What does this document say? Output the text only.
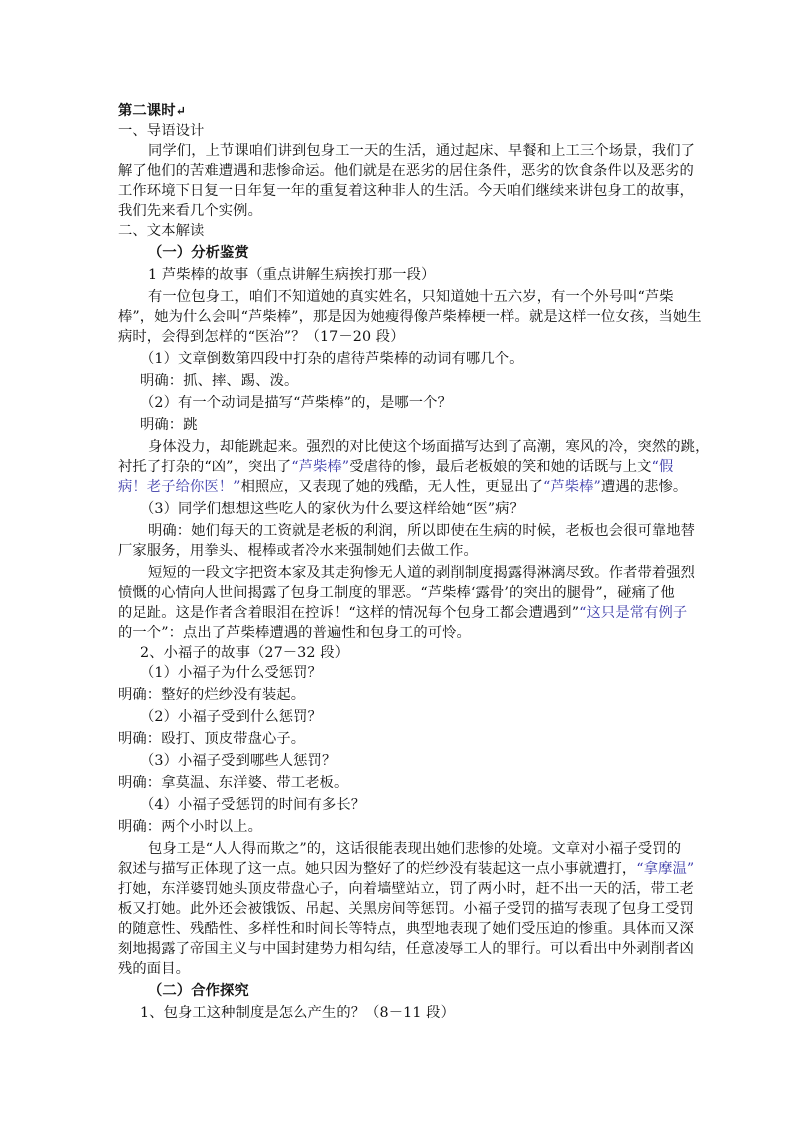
第二课时↵
一、导语设计
同学们，上节课咱们讲到包身工一天的生活，通过起床、早餐和上工三个场景，我们了
解了他们的苦难遭遇和悲惨命运。他们就是在恶劣的居住条件，恶劣的饮食条件以及恶劣的
工作环境下日复一日年复一年的重复着这种非人的生活。今天咱们继续来讲包身工的故事，
我们先来看几个实例。
二、文本解读
（一）分析鉴赏
1 芦柴棒的故事（重点讲解生病挨打那一段）
有一位包身工，咱们不知道她的真实姓名，只知道她十五六岁，有一个外号叫“芦柴
棒”，她为什么会叫“芦柴棒”，那是因为她瘦得像芦柴棒梗一样。就是这样一位女孩，当她生
病时，会得到怎样的“医治”？（17－20 段）
（1）文章倒数第四段中打杂的虐待芦柴棒的动词有哪几个。
明确：抓、摔、踢、泼。
（2）有一个动词是描写“芦柴棒”的，是哪一个？
明确：跳
身体没力，却能跳起来。强烈的对比使这个场面描写达到了高潮，寒风的冷，突然的跳，
衬托了打杂的“凶”，突出了“芦柴棒”受虐待的惨，最后老板娘的笑和她的话既与上文“假
病！老子给你医！”相照应，又表现了她的残酷，无人性，更显出了“芦柴棒”遭遇的悲惨。
（3）同学们想想这些吃人的家伙为什么要这样给她“医”病？
明确：她们每天的工资就是老板的利润，所以即使在生病的时候，老板也会很可靠地替
厂家服务，用拳头、棍棒或者冷水来强制她们去做工作。
短短的一段文字把资本家及其走狗惨无人道的剥削制度揭露得淋漓尽致。作者带着强烈
愤慨的心情向人世间揭露了包身工制度的罪恶。“芦柴棒‘露骨’的突出的腿骨”，碰痛了他
的足趾。这是作者含着眼泪在控诉！“这样的情况每个包身工都会遭遇到”“这只是常有例子
的一个”：点出了芦柴棒遭遇的普遍性和包身工的可怜。
2、小福子的故事（27－32 段）
（1）小福子为什么受惩罚？
明确：整好的烂纱没有装起。
（2）小福子受到什么惩罚？
明确：殴打、顶皮带盘心子。
（3）小福子受到哪些人惩罚？
明确：拿莫温、东洋婆、带工老板。
（4）小福子受惩罚的时间有多长？
明确：两个小时以上。
包身工是“人人得而欺之”的，这话很能表现出她们悲惨的处境。文章对小福子受罚的
叙述与描写正体现了这一点。她只因为整好了的烂纱没有装起这一点小事就遭打，“拿摩温”
打她，东洋婆罚她头顶皮带盘心子，向着墙壁站立，罚了两小时，赶不出一天的活，带工老
板又打她。此外还会被饿饭、吊起、关黑房间等惩罚。小福子受罚的描写表现了包身工受罚
的随意性、残酷性、多样性和时间长等特点，典型地表现了她们受压迫的惨重。具体而又深
刻地揭露了帝国主义与中国封建势力相勾结，任意凌辱工人的罪行。可以看出中外剥削者凶
残的面目。
（二）合作探究
1、包身工这种制度是怎么产生的？（8－11 段）
